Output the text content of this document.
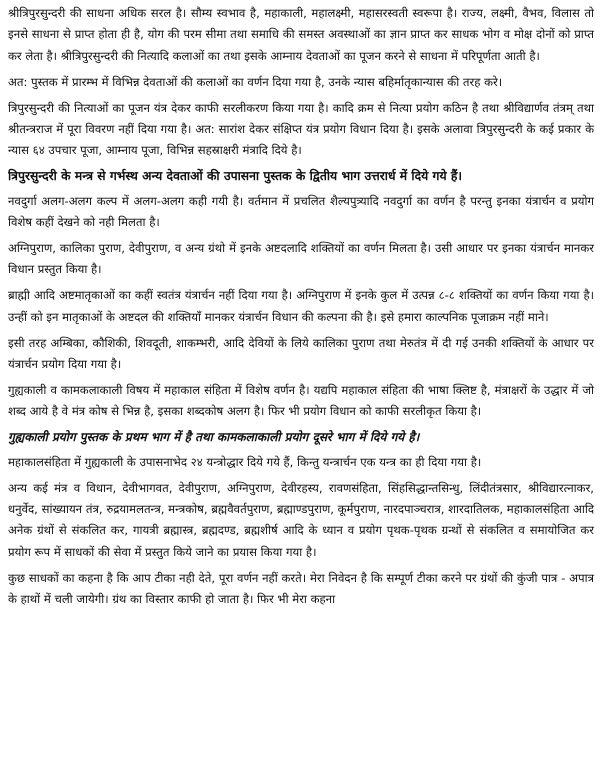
श्रीत्रिपुरसुन्दरी की साधना अधिक सरल है। सौम्य स्वभाव है, महाकाली, महालक्ष्मी, महासरस्वती स्वरूपा है। राज्य, लक्ष्मी, वैभव, विलास तो इनसे साधना से प्राप्त होता ही है, योग की परम सीमा तथा समाधि की समस्त अवस्थाओं का ज्ञान प्राप्त कर साधक भोग व मोक्ष दोनों को प्राप्त कर लेता है। श्रीत्रिपुरसुन्दरी की नित्यादि कलाओं का तथा इसके आम्नाय देवताओं का पूजन करने से साधना में परिपूर्णता आती है।

अत: पुस्तक में प्रारम्भ में विभिन्न देवताओं की कलाओं का वर्णन दिया गया है, उनके न्यास बहिर्मातृकान्यास की तरह करे।

त्रिपुरसुन्दरी की नित्याओं का पूजन यंत्र देकर काफी सरलीकरण किया गया है। कादि क्रम से नित्या प्रयोग कठिन है तथा श्रीविद्यार्णव तंत्रम् तथा श्रीतन्त्रराज में पूरा विवरण नहीं दिया गया है। अत: सारांश देकर संक्षिप्त यंत्र प्रयोग विधान दिया है। इसके अलावा त्रिपुरसुन्दरी के कई प्रकार के न्यास ६४ उपचार पूजा, आम्नाय पूजा, विभिन्न सहस्राक्षरी मंत्रादि दिये है।

त्रिपुरसुन्दरी के मन्त्र से गर्भस्थ अन्य देवताओं की उपासना पुस्तक के द्वितीय भाग उत्तरार्ध में दिये गये हैं।

नवदुर्गा अलग-अलग कल्प में अलग-अलग कही गयी है। वर्तमान में प्रचलित शैल्यपुत्र्यादि नवदुर्गा का वर्णन है परन्तु इनका यंत्रार्चन व प्रयोग विशेष कहीं देखने को नही मिलता है।

अग्निपुराण, कालिका पुराण, देवीपुराण, व अन्य ग्रंथो में इनके अष्टदलादि शक्तियों का वर्णन मिलता है। उसी आधार पर इनका यंत्रार्चन मानकर विधान प्रस्तुत किया है।

ब्राह्मी आदि अष्टमातृकाओं का कहीं स्वतंत्र यंत्रार्चन नहीं दिया गया है। अग्निपुराण में इनके कुल में उत्पन्न ८-८ शक्तियों का वर्णन किया गया है। उन्हीं को इन मातृकाओं के अष्टदल की शक्तियाँ मानकर यंत्रार्चन विधान की कल्पना की है। इसे हमारा काल्पनिक पूजाक्रम नहीं माने।

इसी तरह अम्बिका, कौशिकी, शिवदूती, शाकम्भरी, आदि देवियों के लिये कालिका पुराण तथा मेरुतंत्र में दी गई उनकी शक्तियों के आधार पर यंत्रार्चन प्रयोग दिया गया है।

गुह्यकाली व कामकलाकाली विषय में महाकाल संहिता में विशेष वर्णन है। यद्यपि महाकाल संहिता की भाषा क्लिष्ट है, मंत्राक्षरों के उद्धार में जो शब्द आये है वे मंत्र कोष से भिन्न है, इसका शब्दकोष अलग है। फिर भी प्रयोग विधान को काफी सरलीकृत किया है।

गुह्यकाली प्रयोग पुस्तक के प्रथम भाग में है तथा कामकलाकाली प्रयोग दूसरे भाग में दिये गये है।

महाकालसंहिता में गुह्यकाली के उपासनाभेद २४ यन्त्रोद्धार दिये गये हैं, किन्तु यन्त्रार्चन एक यन्त्र का ही दिया गया है।

अन्य कई मंत्र व विधान, देवीभागवत, देवीपुराण, अग्निपुराण, देवीरहस्य, रावणसंहिता, सिंहसिद्धान्तसिन्धु, लिंदीतंत्रसार, श्रीविद्यारत्नाकर, धनुर्वेद, सांख्यायन तंत्र, रुद्रयामलतन्त्र, मन्त्रकोष, ब्रह्मवैवर्तपुराण, ब्रह्माण्डपुराण, कूर्मपुराण, नारदपाञ्चरात्र, शारदातिलक, महाकालसंहिता आदि अनेक ग्रंथों से संकलित कर, गायत्री ब्रह्मास्त्र, ब्रह्मदण्ड, ब्रह्मशीर्ष आदि के ध्यान व प्रयोग पृथक-पृथक ग्रन्थों से संकलित व समायोजित कर प्रयोग रूप में साधकों की सेवा में प्रस्तुत किये जाने का प्रयास किया गया है।

कुछ साधकों का कहना है कि आप टीका नही देते, पूरा वर्णन नहीं करते। मेरा निवेदन है कि सम्पूर्ण टीका करने पर ग्रंथों की कुंजी पात्र - अपात्र के हाथों में चली जायेगी। ग्रंथ का विस्तार काफी हो जाता है। फिर भी मेरा कहना
